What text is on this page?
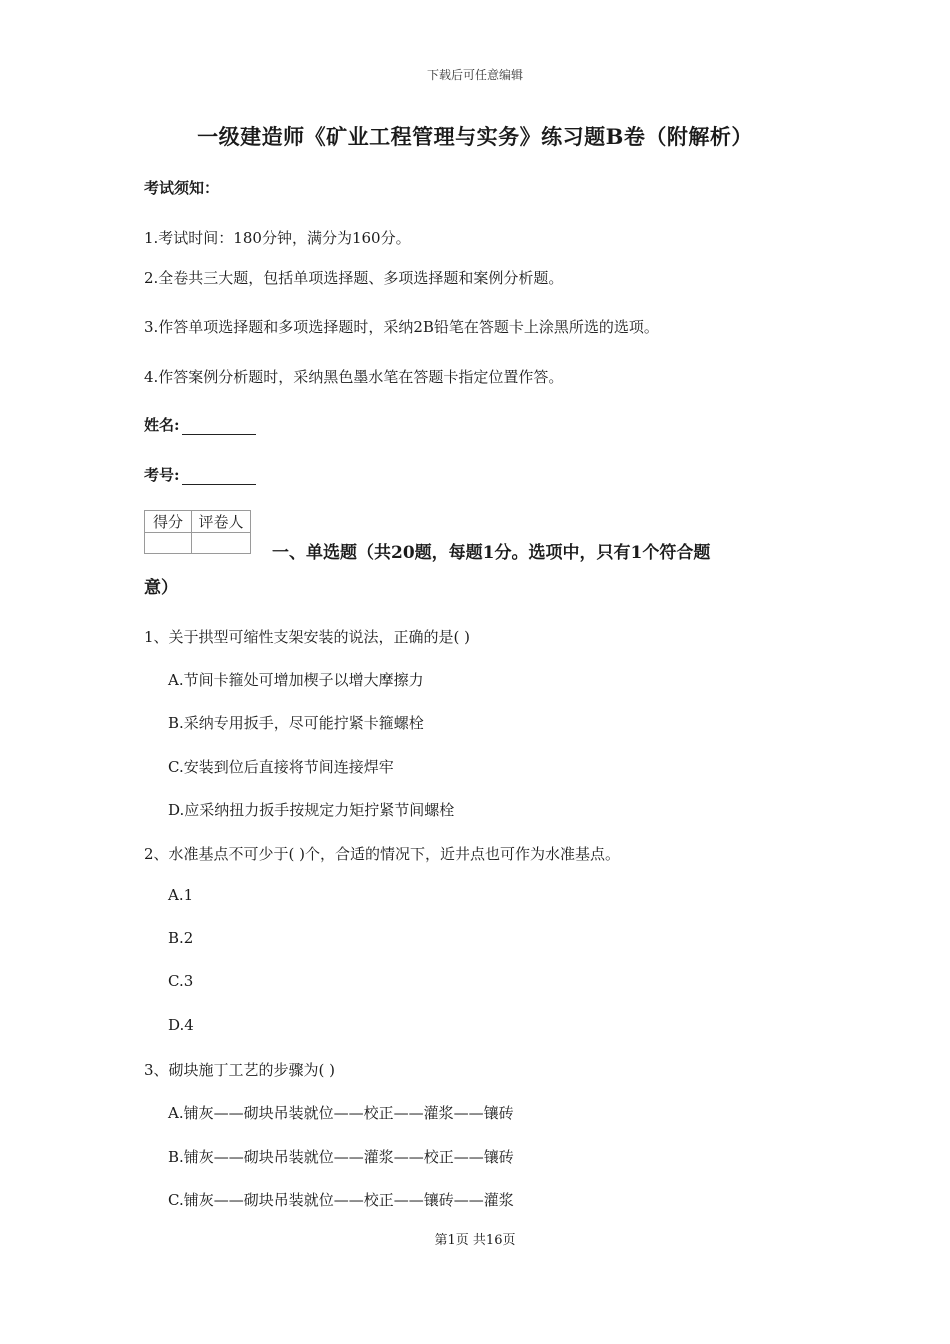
下载后可任意编辑
一级建造师《矿业工程管理与实务》练习题B卷（附解析）
考试须知：
1.考试时间：180分钟，满分为160分。
2.全卷共三大题，包括单项选择题、多项选择题和案例分析题。
3.作答单项选择题和多项选择题时，采纳2B铅笔在答题卡上涂黑所选的选项。
4.作答案例分析题时，采纳黑色墨水笔在答题卡指定位置作答。
姓名:
考号:
得分	评卷人

一、单选题（共20题，每题1分。选项中，只有1个符合题
意）
1、关于拱型可缩性支架安装的说法，正确的是( )
A.节间卡箍处可增加楔子以增大摩擦力
B.采纳专用扳手，尽可能拧紧卡箍螺栓
C.安装到位后直接将节间连接焊牢
D.应采纳扭力扳手按规定力矩拧紧节间螺栓
2、水准基点不可少于( )个，合适的情况下，近井点也可作为水准基点。
A.1
B.2
C.3
D.4
3、砌块施丁工艺的步骤为( )
A.铺灰——砌块吊装就位——校正——灌浆——镶砖
B.铺灰——砌块吊装就位——灌浆——校正——镶砖
C.铺灰——砌块吊装就位——校正——镶砖——灌浆
第1页 共16页
